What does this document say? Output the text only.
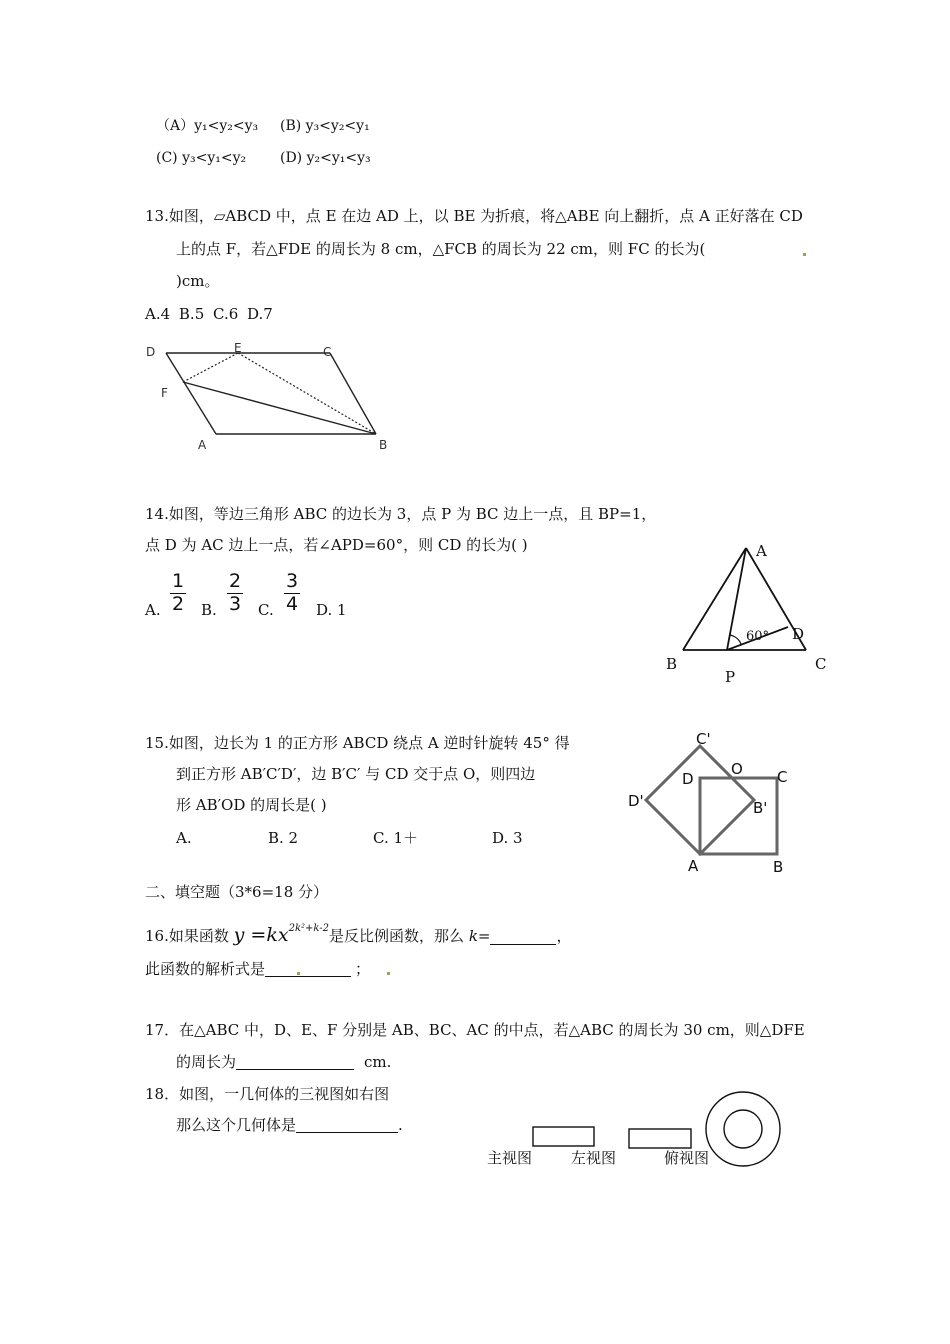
（A）y₁<y₂<y₃ (B) y₃<y₂<y₁
(C) y₃<y₁<y₂ (D) y₂<y₁<y₃
13.如图，▱ABCD 中，点 E 在边 AD 上，以 BE 为折痕，将△ABE 向上翻折，点 A 正好落在 CD
上的点 F，若△FDE 的周长为 8 cm，△FCB 的周长为 22 cm，则 FC 的长为(
)cm。
A.4 B.5 C.6 D.7
D	E	C
F
A	B
14.如图，等边三角形 ABC 的边长为 3，点 P 为 BC 边上一点，且 BP=1，
点 D 为 AC 边上一点，若∠APD=60°，则 CD 的长为( )
A.
1
2 B.
2
3 C.
3
4 D. 1
A
B	C
D
P
60°
15.如图，边长为 1 的正方形 ABCD 绕点 A 逆时针旋转 45° 得
到正方形 AB′C′D′，边 B′C′ 与 CD 交于点 O，则四边
形 AB′OD 的周长是( )
A.	B. 2	C. 1＋	D. 3
C'
D
O C
D'	B'
A	B
二、填空题（3*6=18 分）
16.如果函数 $y =kx^{2k^2+k-2}$是反比例函数，那么 k=	，
此函数的解析式是	；
17．在△ABC 中，D、E、F 分别是 AB、BC、AC 的中点，若△ABC 的周长为 30 cm，则△DFE
的周长为	cm.
18．如图，一几何体的三视图如右图
那么这个几何体是	.
主视图	左视图	俯视图
